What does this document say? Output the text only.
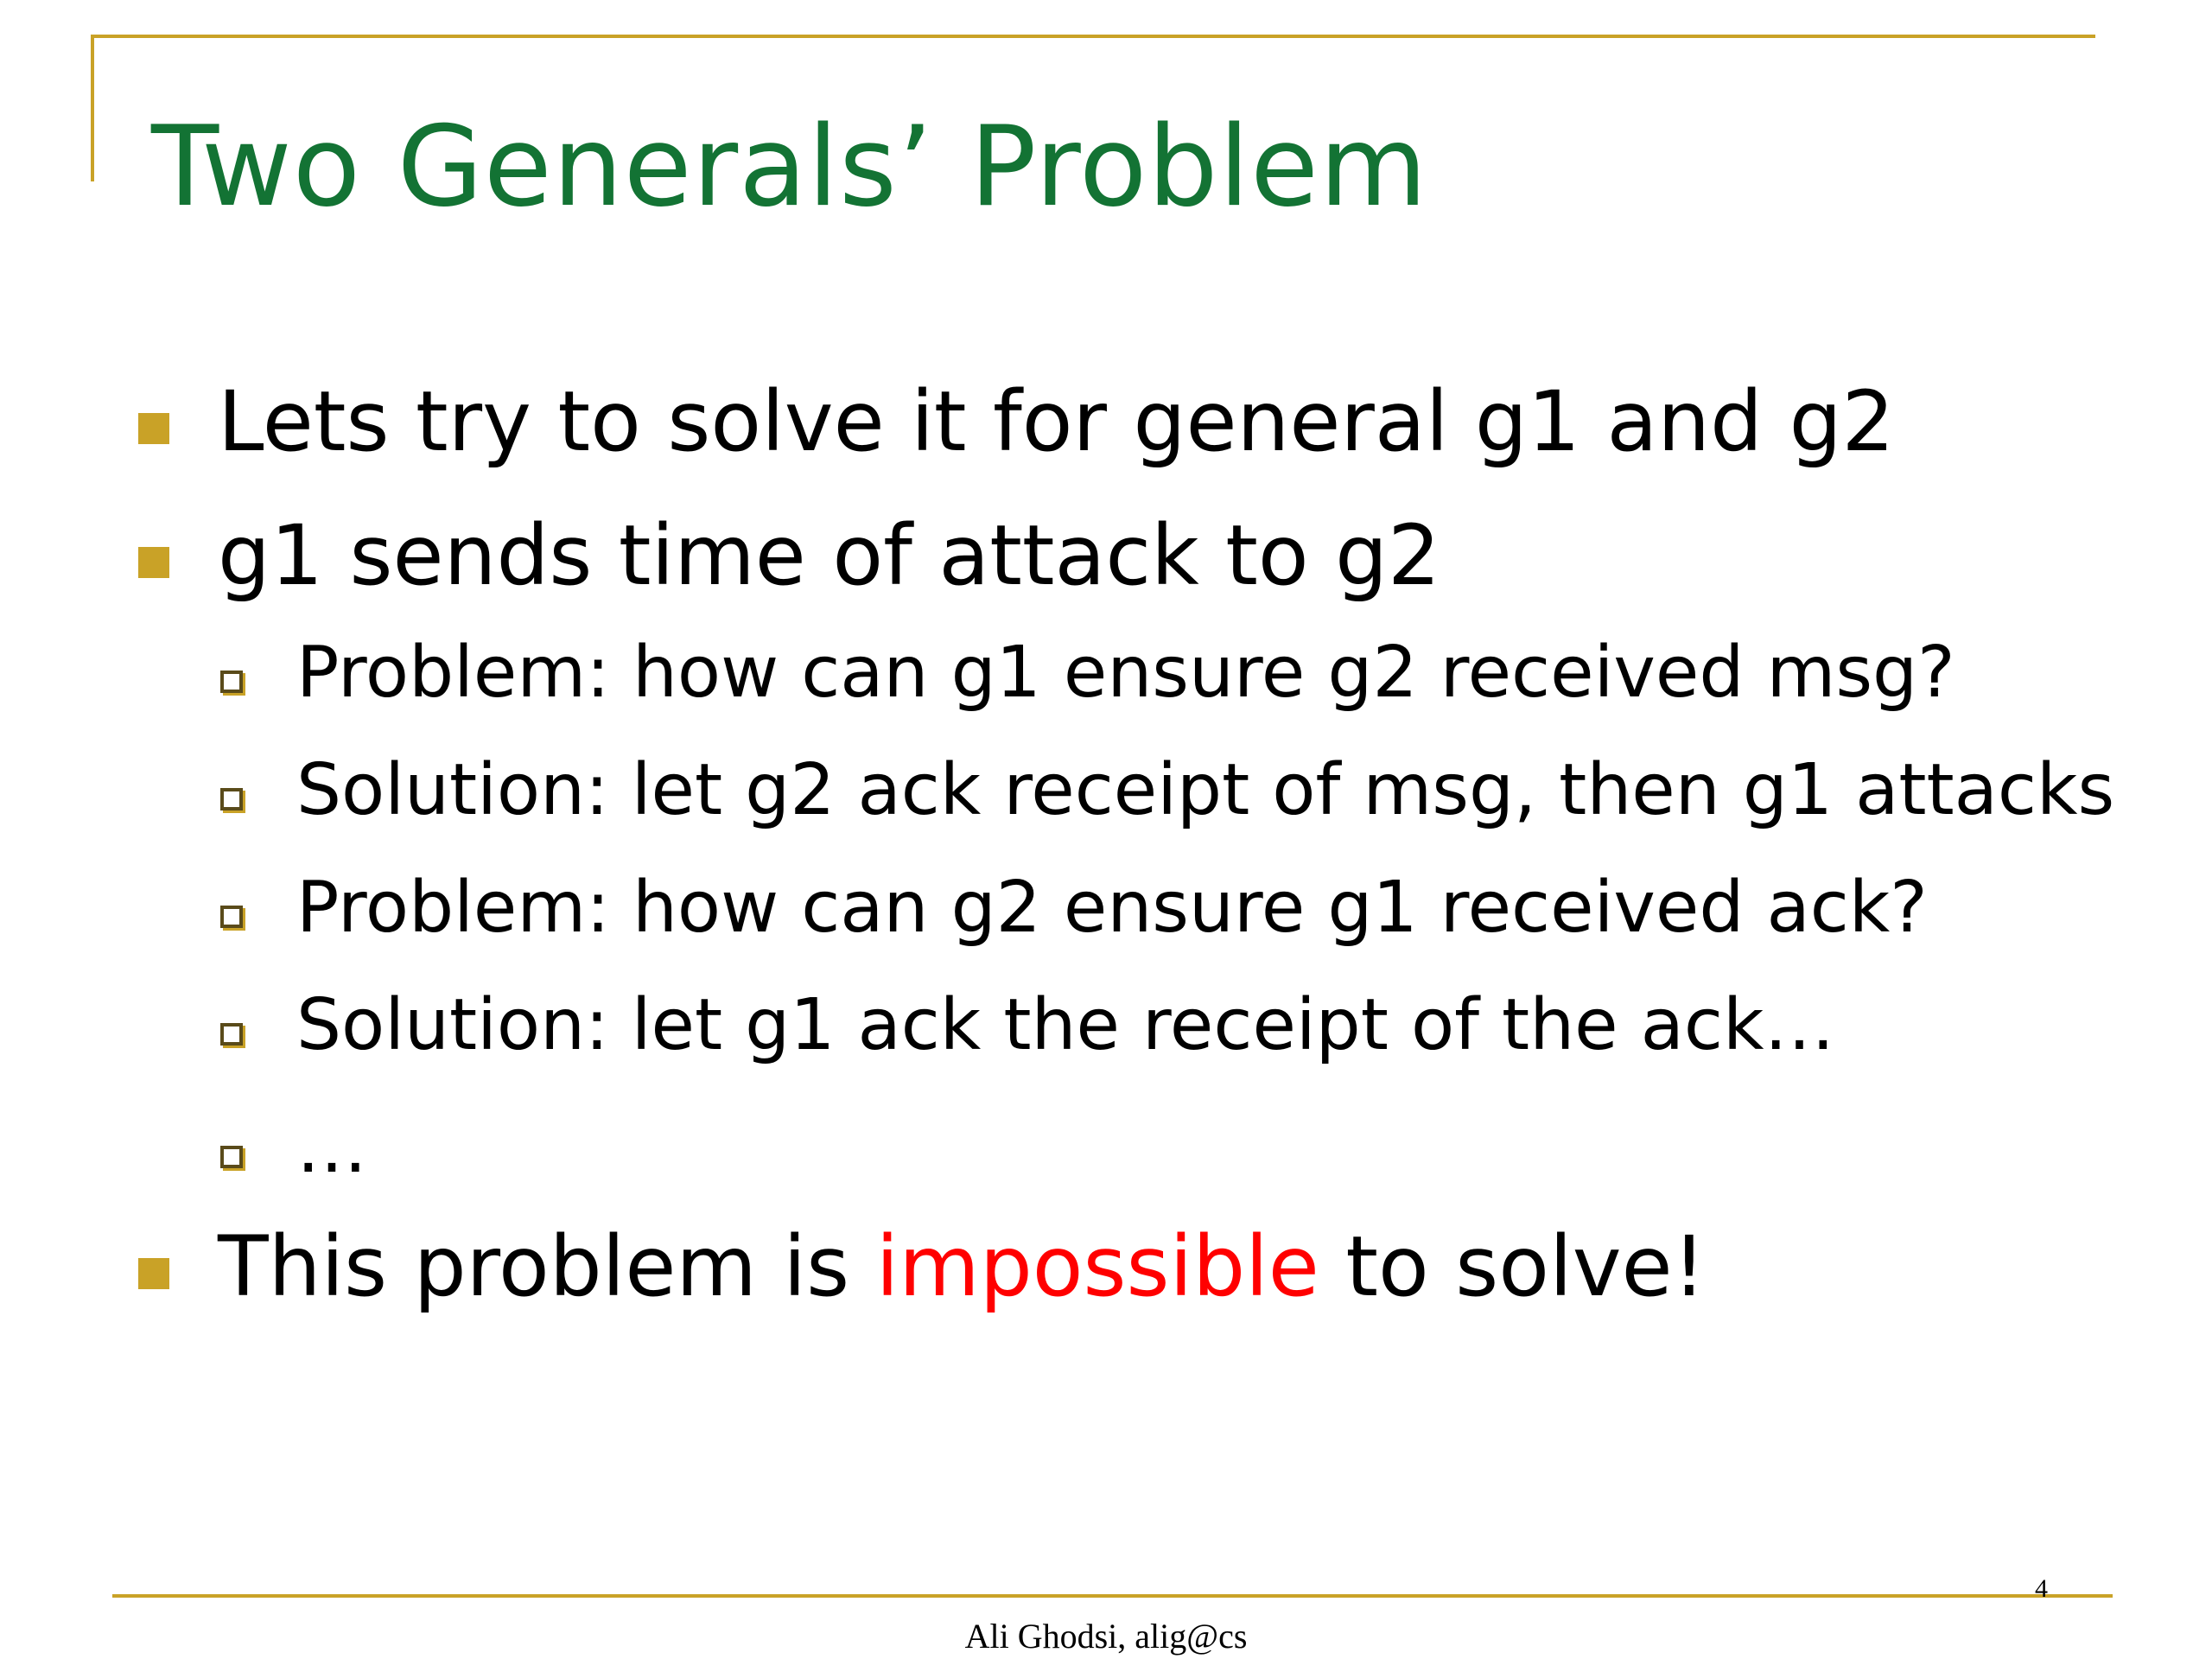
Two Generals’ Problem
Lets try to solve it for general g1 and g2
g1 sends time of attack to g2
Problem: how can g1 ensure g2 received msg?
Solution: let g2 ack receipt of msg, then g1 attacks
Problem: how can g2 ensure g1 received ack?
Solution: let g1 ack the receipt of the ack…
…
This problem is impossible to solve!
4
Ali Ghodsi, alig@cs
